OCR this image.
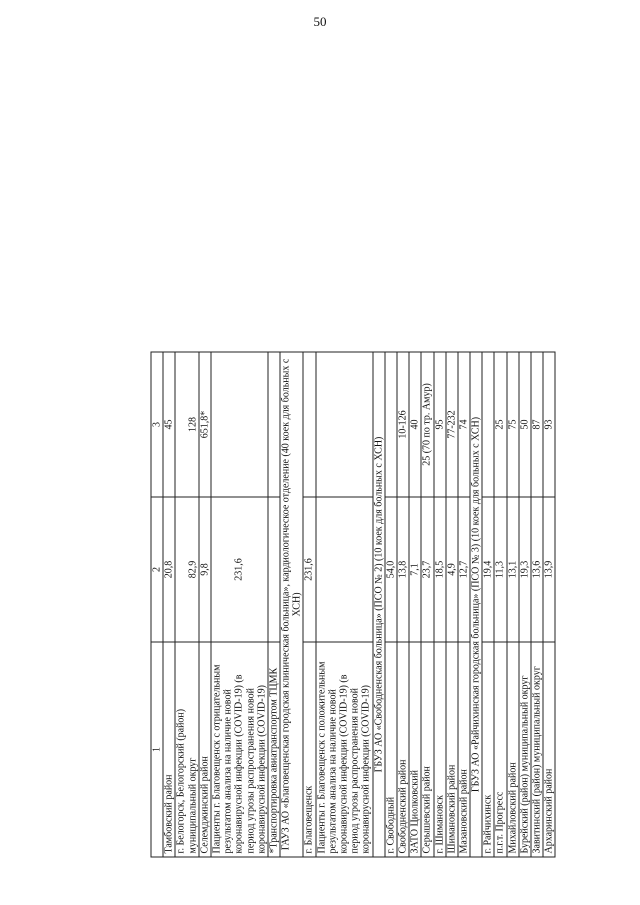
50
1	2	3
Тамбовский район	20,8	45
г. Белогорск, Белогорский (район) муниципальный округ	82,9	128
Селемджинский район	9,8	651,8*
Пациенты г. Благовещенск с отрицательным результатом анализа на наличие новой коронавирусной инфекции (COVID-19) (в период угрозы распространения новой коронавирусной инфекции (COVID-19)	231,6	
*Транспортировка авиатранспортом ТЦМК		
ГАУЗ АО «Благовещенская городская клиническая больница», кардиологическое отделение (40 коек для больных с ХСН)		
г. Благовещенск	231,6	
Пациенты г. Благовещенск с положительным результатом анализа на наличие новой коронавирусной инфекции (COVID-19) (в период угрозы распространения новой коронавирусной инфекции (COVID-19)		
ГБУЗ АО «Свободненская больница» (ПСО № 2) (10 коек для больных с ХСН)		
г. Свободный	54,0	
Свободненский район	13,8	10-126
ЗАТО Циолковский	7,1	40
Серышевский район	23,7	25 (70 по тр. Амур)
г. Шимановск	18,5	95
Шимановский район	4,9	77-232
Мазановский район	12,7	74
ГБУЗ АО «Райчихинская городская больница» (ПСО № 3) (10 коек для больных с ХСН)		
г. Райчихинск	19,4	
п.г.т. Прогресс	11,3	25
Михайловский район	13,1	75
Бурейский (район) муниципальный округ	19,3	50
Завитинский (район) муниципальный округ	13,6	87
Архаринский район	13,9	93
